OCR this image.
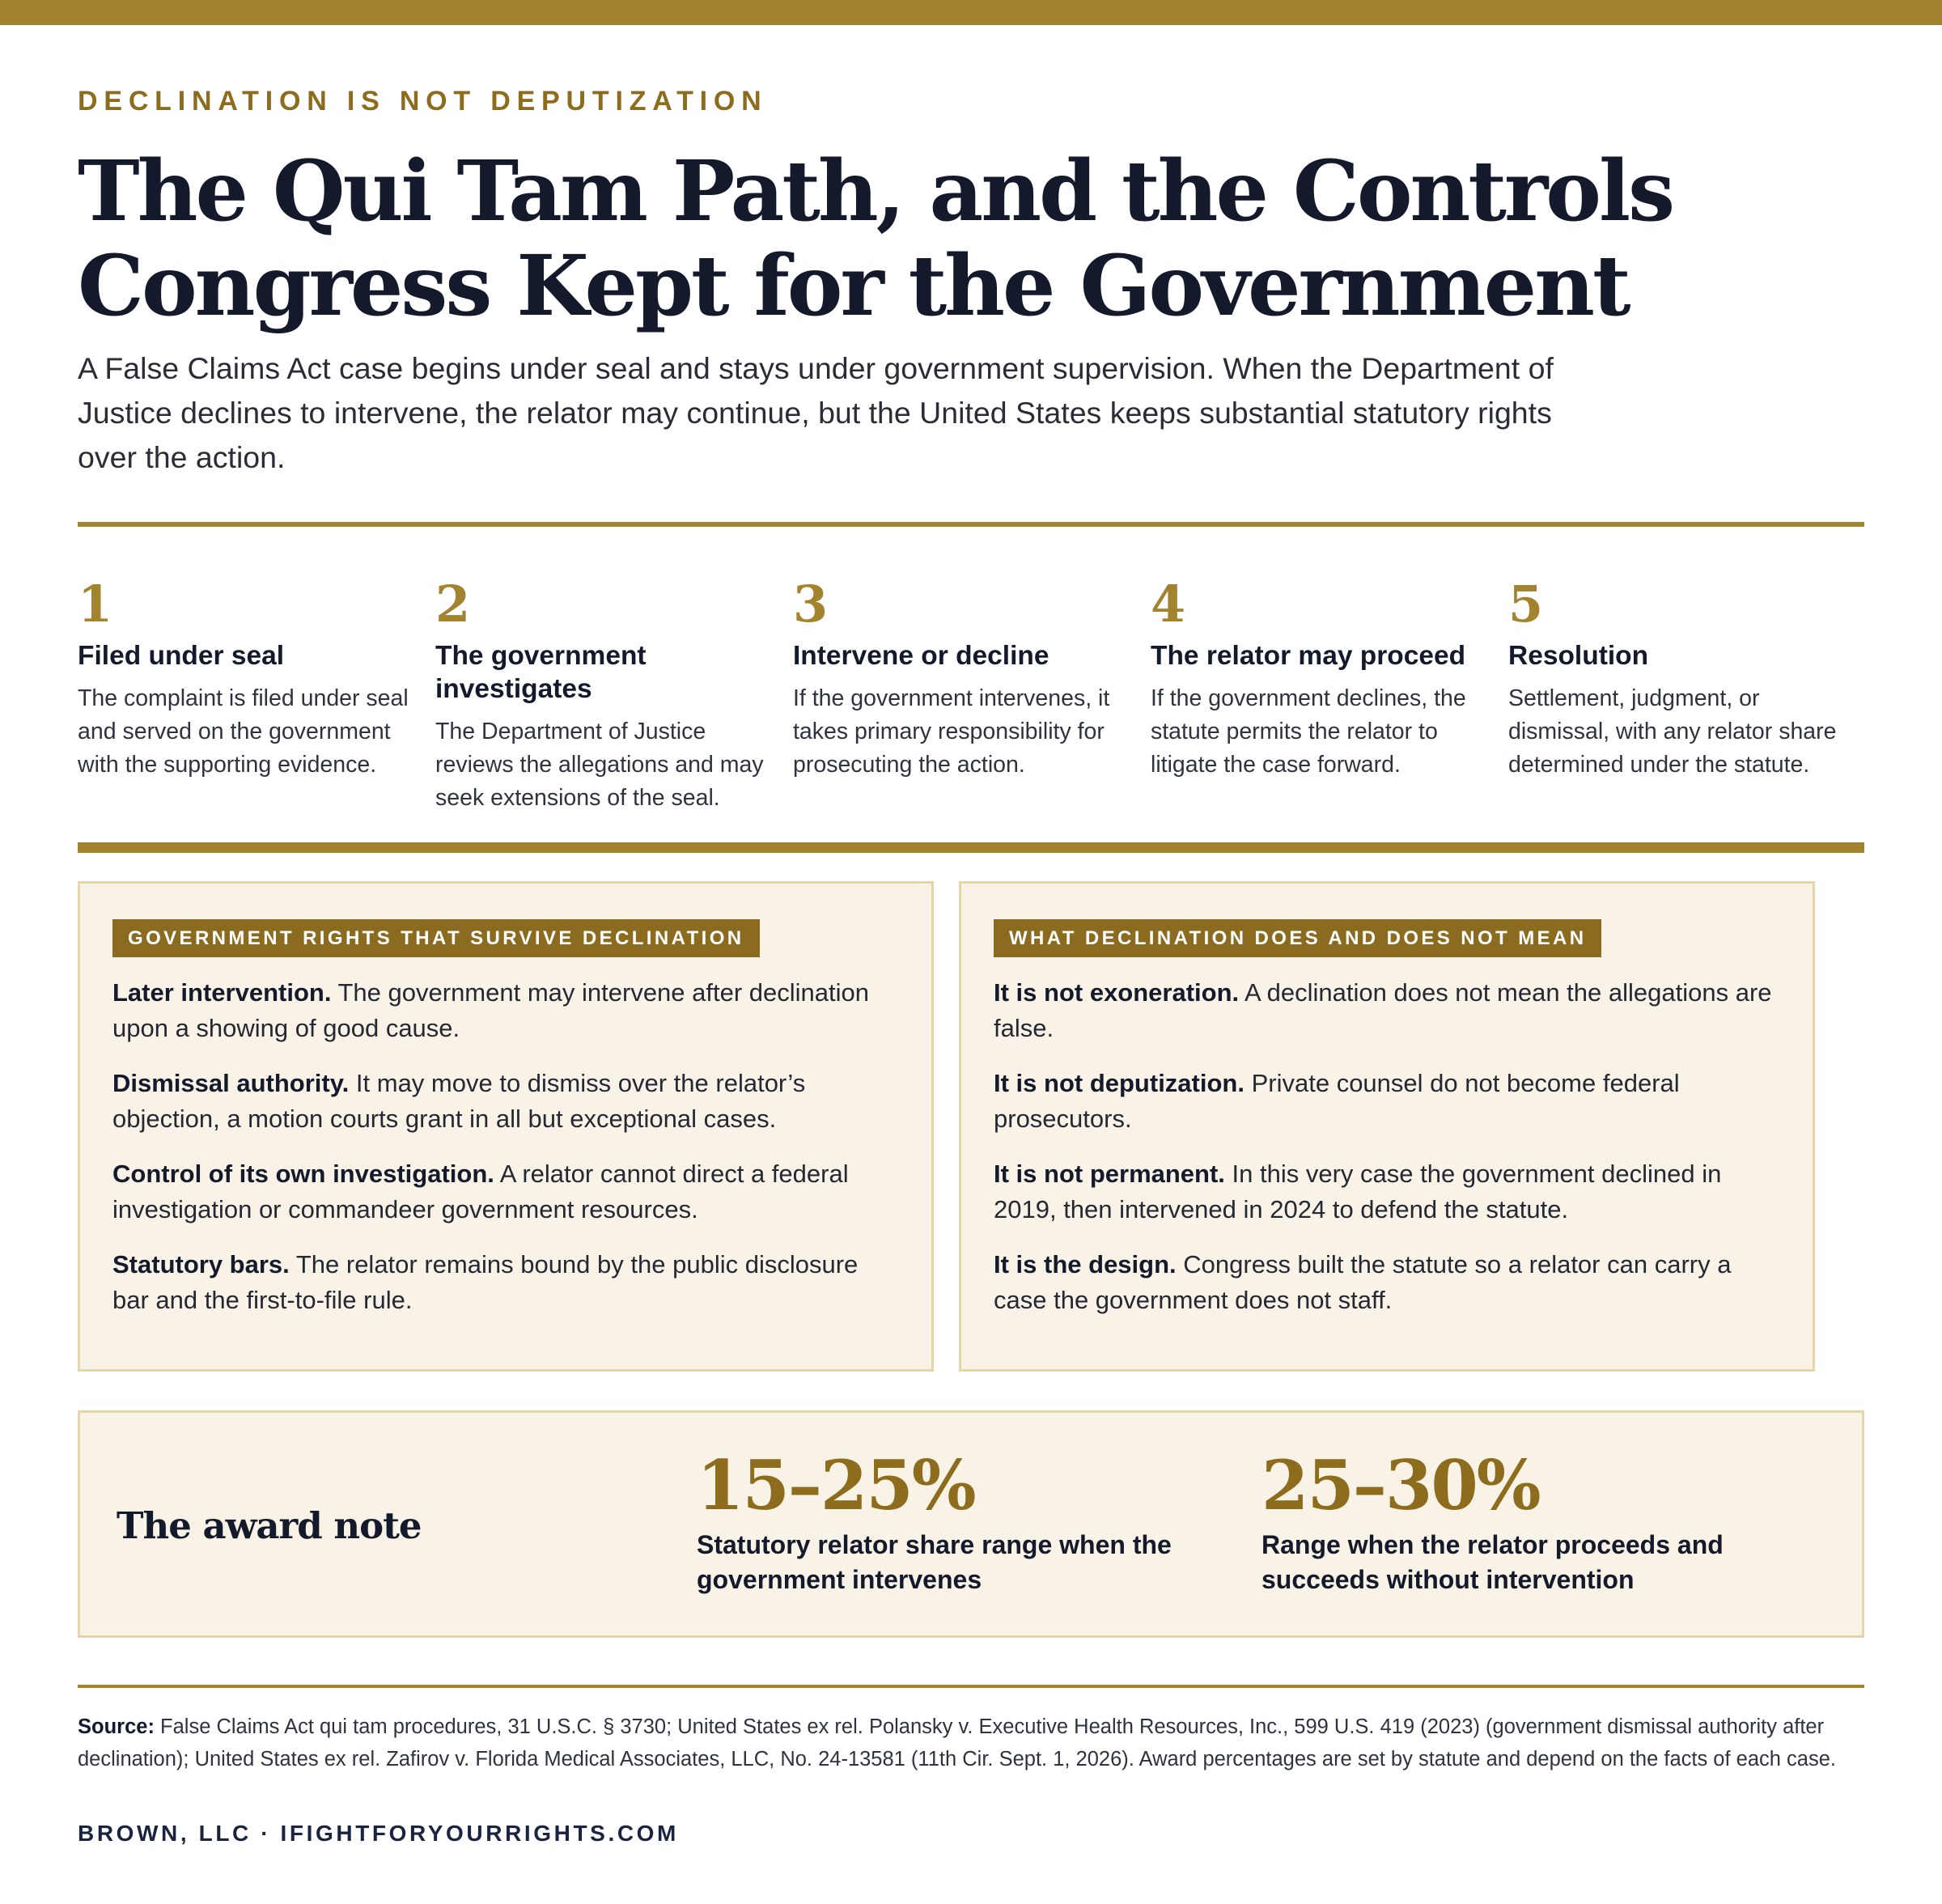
DECLINATION IS NOT DEPUTIZATION
The Qui Tam Path, and the Controls
Congress Kept for the Government

A False Claims Act case begins under seal and stays under government supervision. When the Department of Justice declines to intervene, the relator may continue, but the United States keeps substantial statutory rights over the action.

1
Filed under seal
The complaint is filed under seal and served on the government with the supporting evidence.
2
The government investigates
The Department of Justice reviews the allegations and may seek extensions of the seal.
3
Intervene or decline
If the government intervenes, it takes primary responsibility for prosecuting the action.
4
The relator may proceed
If the government declines, the statute permits the relator to litigate the case forward.
5
Resolution
Settlement, judgment, or dismissal, with any relator share determined under the statute.
GOVERNMENT RIGHTS THAT SURVIVE DECLINATION
Later intervention. The government may intervene after declination upon a showing of good cause.
Dismissal authority. It may move to dismiss over the relator’s objection, a motion courts grant in all but exceptional cases.
Control of its own investigation. A relator cannot direct a federal investigation or commandeer government resources.
Statutory bars. The relator remains bound by the public disclosure bar and the first-to-file rule.
WHAT DECLINATION DOES AND DOES NOT MEAN
It is not exoneration. A declination does not mean the allegations are false.
It is not deputization. Private counsel do not become federal prosecutors.
It is not permanent. In this very case the government declined in 2019, then intervened in 2024 to defend the statute.
It is the design. Congress built the statute so a relator can carry a case the government does not staff.
The award note
15–25%
Statutory relator share range when the government intervenes
25–30%
Range when the relator proceeds and succeeds without intervention

Source: False Claims Act qui tam procedures, 31 U.S.C. § 3730; United States ex rel. Polansky v. Executive Health Resources, Inc., 599 U.S. 419 (2023) (government dismissal authority after declination); United States ex rel. Zafirov v. Florida Medical Associates, LLC, No. 24-13581 (11th Cir. Sept. 1, 2026). Award percentages are set by statute and depend on the facts of each case.

BROWN, LLC · IFIGHTFORYOURRIGHTS.COM
